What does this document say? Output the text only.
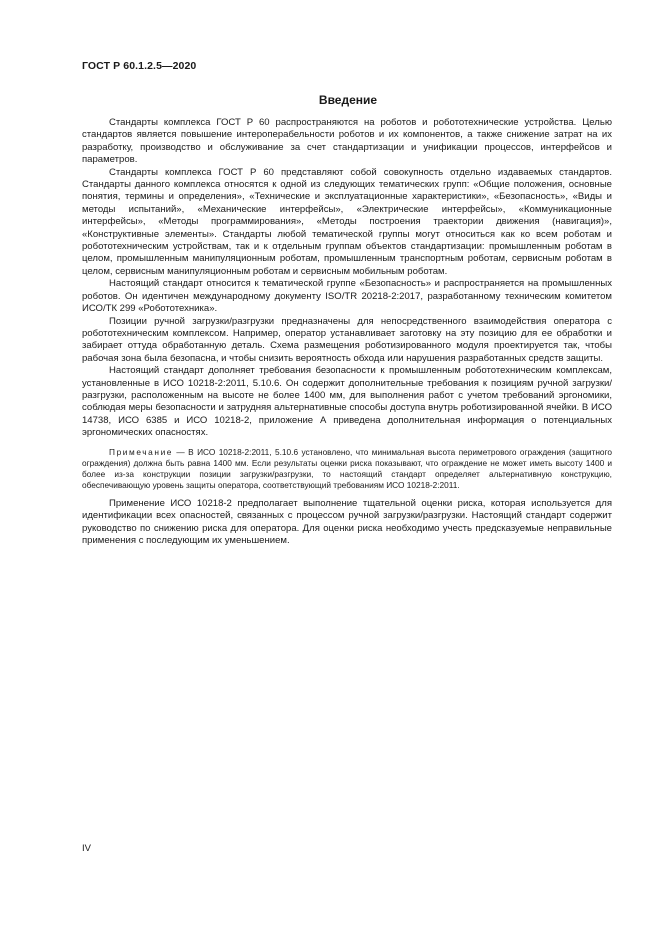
ГОСТ Р 60.1.2.5—2020
Введение

Стандарты комплекса ГОСТ Р 60 распространяются на роботов и робототехнические устройства. Целью стандартов является повышение интероперабельности роботов и их компонентов, а также снижение затрат на их разработку, производство и обслуживание за счет стандартизации и унификации процессов, интерфейсов и параметров.

Стандарты комплекса ГОСТ Р 60 представляют собой совокупность отдельно издаваемых стандартов. Стандарты данного комплекса относятся к одной из следующих тематических групп: «Общие положения, основные понятия, термины и определения», «Технические и эксплуатационные характеристики», «Безопасность», «Виды и методы испытаний», «Механические интерфейсы», «Электрические интерфейсы», «Коммуникационные интерфейсы», «Методы программирования», «Методы построения траектории движения (навигация)», «Конструктивные элементы». Стандарты любой тематической группы могут относиться как ко всем роботам и робототехническим устройствам, так и к отдельным группам объектов стандартизации: промышленным роботам в целом, промышленным манипуляционным роботам, промышленным транспортным роботам, сервисным роботам в целом, сервисным манипуляционным роботам и сервисным мобильным роботам.

Настоящий стандарт относится к тематической группе «Безопасность» и распространяется на промышленных роботов. Он идентичен международному документу ISO/TR 20218-2:2017, разработанному техническим комитетом ИСО/ТК 299 «Робототехника».

Позиции ручной загрузки/разгрузки предназначены для непосредственного взаимодействия оператора с робототехническим комплексом. Например, оператор устанавливает заготовку на эту позицию для ее обработки и забирает оттуда обработанную деталь. Схема размещения роботизированного модуля проектируется так, чтобы рабочая зона была безопасна, и чтобы снизить вероятность обхода или нарушения разработанных средств защиты.

Настоящий стандарт дополняет требования безопасности к промышленным робототехническим комплексам, установленные в ИСО 10218-2:2011, 5.10.6. Он содержит дополнительные требования к позициям ручной загрузки/разгрузки, расположенным на высоте не более 1400 мм, для выполнения работ с учетом требований эргономики, соблюдая меры безопасности и затрудняя альтернативные способы доступа внутрь роботизированной ячейки. В ИСО 14738, ИСО 6385 и ИСО 10218-2, приложение А приведена дополнительная информация о потенциальных эргономических опасностях.

Примечание — В ИСО 10218-2:2011, 5.10.6 установлено, что минимальная высота периметрового ограждения (защитного ограждения) должна быть равна 1400 мм. Если результаты оценки риска показывают, что ограждение не может иметь высоту 1400 и более из-за конструкции позиции загрузки/разгрузки, то настоящий стандарт определяет альтернативную конструкцию, обеспечивающую уровень защиты оператора, соответствующий требованиям ИСО 10218-2:2011.

Применение ИСО 10218-2 предполагает выполнение тщательной оценки риска, которая используется для идентификации всех опасностей, связанных с процессом ручной загрузки/разгрузки. Настоящий стандарт содержит руководство по снижению риска для оператора. Для оценки риска необходимо учесть предсказуемые неправильные применения с последующим их уменьшением.

IV
